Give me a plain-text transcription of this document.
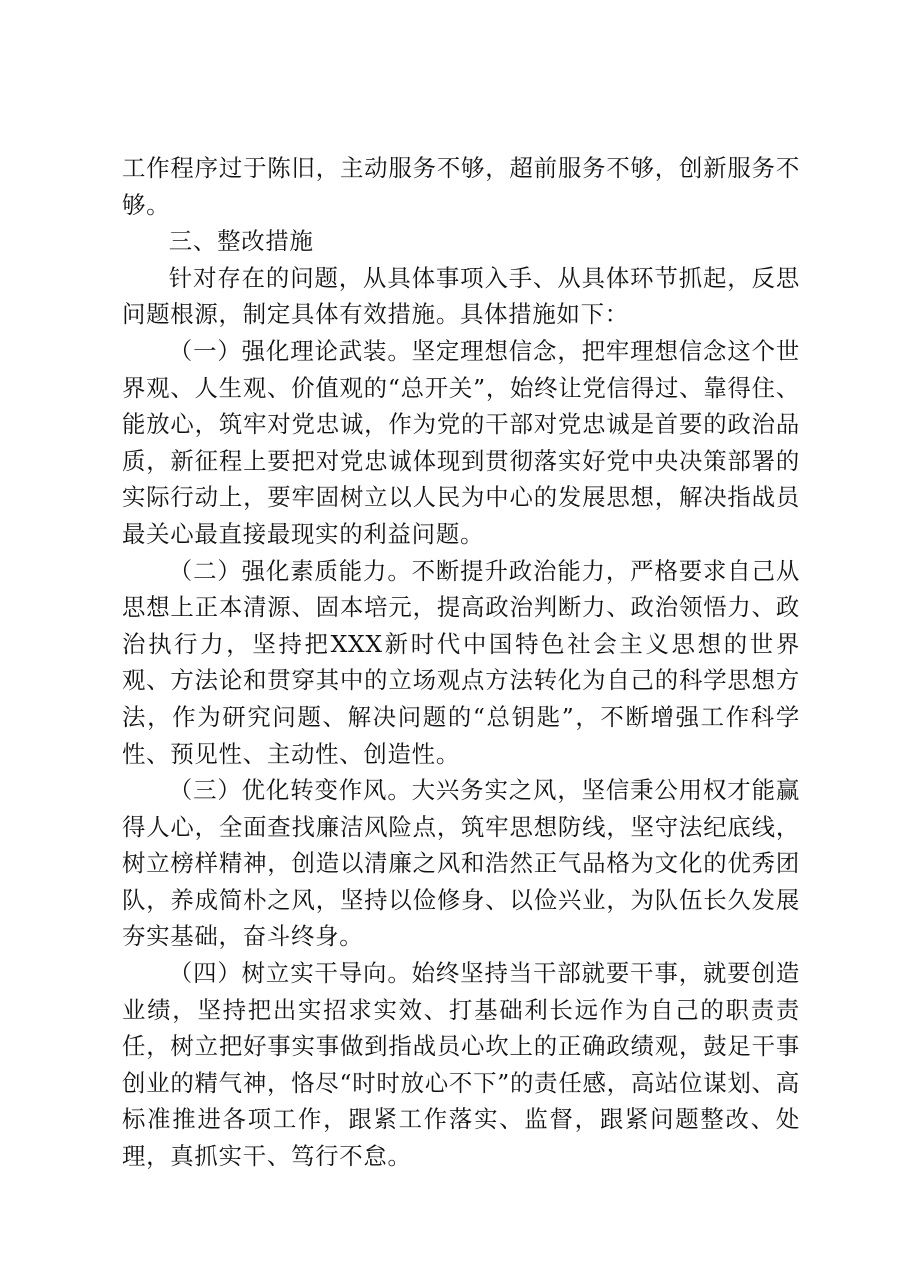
工作程序过于陈旧，主动服务不够，超前服务不够，创新服务不够。

三、整改措施

针对存在的问题，从具体事项入手、从具体环节抓起，反思问题根源，制定具体有效措施。具体措施如下：

（一）强化理论武装。坚定理想信念，把牢理想信念这个世界观、人生观、价值观的“总开关”，始终让党信得过、靠得住、能放心，筑牢对党忠诚，作为党的干部对党忠诚是首要的政治品质，新征程上要把对党忠诚体现到贯彻落实好党中央决策部署的实际行动上，要牢固树立以人民为中心的发展思想，解决指战员最关心最直接最现实的利益问题。

（二）强化素质能力。不断提升政治能力，严格要求自己从思想上正本清源、固本培元，提高政治判断力、政治领悟力、政治执行力，坚持把XXX新时代中国特色社会主义思想的世界观、方法论和贯穿其中的立场观点方法转化为自己的科学思想方法，作为研究问题、解决问题的“总钥匙”，不断增强工作科学性、预见性、主动性、创造性。

（三）优化转变作风。大兴务实之风，坚信秉公用权才能赢得人心，全面查找廉洁风险点，筑牢思想防线，坚守法纪底线，树立榜样精神，创造以清廉之风和浩然正气品格为文化的优秀团队，养成简朴之风，坚持以俭修身、以俭兴业，为队伍长久发展夯实基础，奋斗终身。

（四）树立实干导向。始终坚持当干部就要干事，就要创造业绩，坚持把出实招求实效、打基础利长远作为自己的职责责任，树立把好事实事做到指战员心坎上的正确政绩观，鼓足干事创业的精气神，恪尽“时时放心不下”的责任感，高站位谋划、高标准推进各项工作，跟紧工作落实、监督，跟紧问题整改、处理，真抓实干、笃行不怠。
